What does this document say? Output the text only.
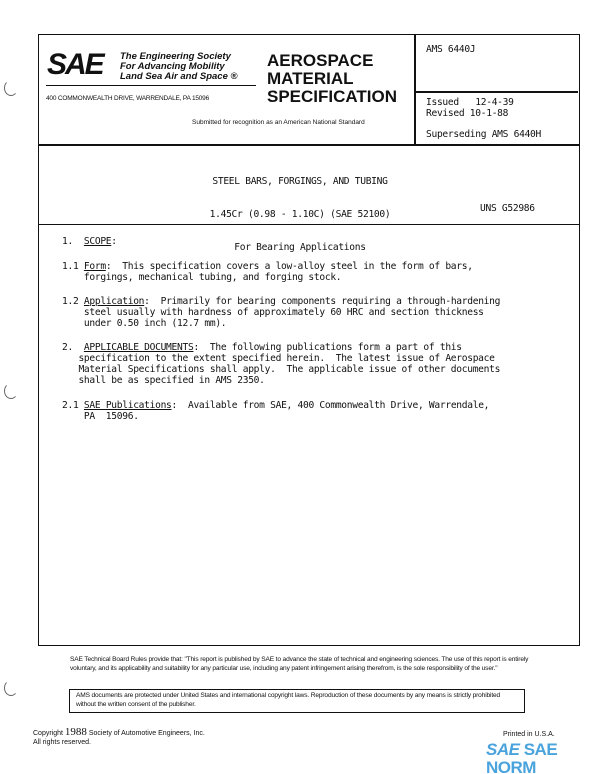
SAE The Engineering Society
For Advancing Mobility
Land Sea Air and Space ®
400 COMMONWEALTH DRIVE, WARRENDALE, PA 15096
AEROSPACE
MATERIAL
SPECIFICATION
Submitted for recognition as an American National Standard
AMS 6440J
Issued   12-4-39
Revised 10-1-88
Superseding AMS 6440H

STEEL BARS, FORGINGS, AND TUBING

1.45Cr (0.98 - 1.10C) (SAE 52100)

For Bearing Applications

UNS G52986
1. SCOPE:
1.1 Form:  This specification covers a low-alloy steel in the form of bars,
forgings, mechanical tubing, and forging stock.
1.2 Application:  Primarily for bearing components requiring a through-hardening
steel usually with hardness of approximately 60 HRC and section thickness
under 0.50 inch (12.7 mm).
2. APPLICABLE DOCUMENTS:  The following publications form a part of this
specification to the extent specified herein.  The latest issue of Aerospace
Material Specifications shall apply.  The applicable issue of other documents
shall be as specified in AMS 2350.
2.1 SAE Publications:  Available from SAE, 400 Commonwealth Drive, Warrendale,
PA  15096.
SAE Technical Board Rules provide that: "This report is published by SAE to advance the state of technical and engineering sciences. The use of this report is entirely voluntary, and its applicability and suitability for any particular use, including any patent infringement arising therefrom, is the sole responsibility of the user."
AMS documents are protected under United States and international copyright laws. Reproduction of these documents by any means is strictly prohibited without the written consent of the publisher.
Copyright 1988 Society of Automotive Engineers, Inc.
All rights reserved.
Printed in U.S.A.
SAE SAE NORM
